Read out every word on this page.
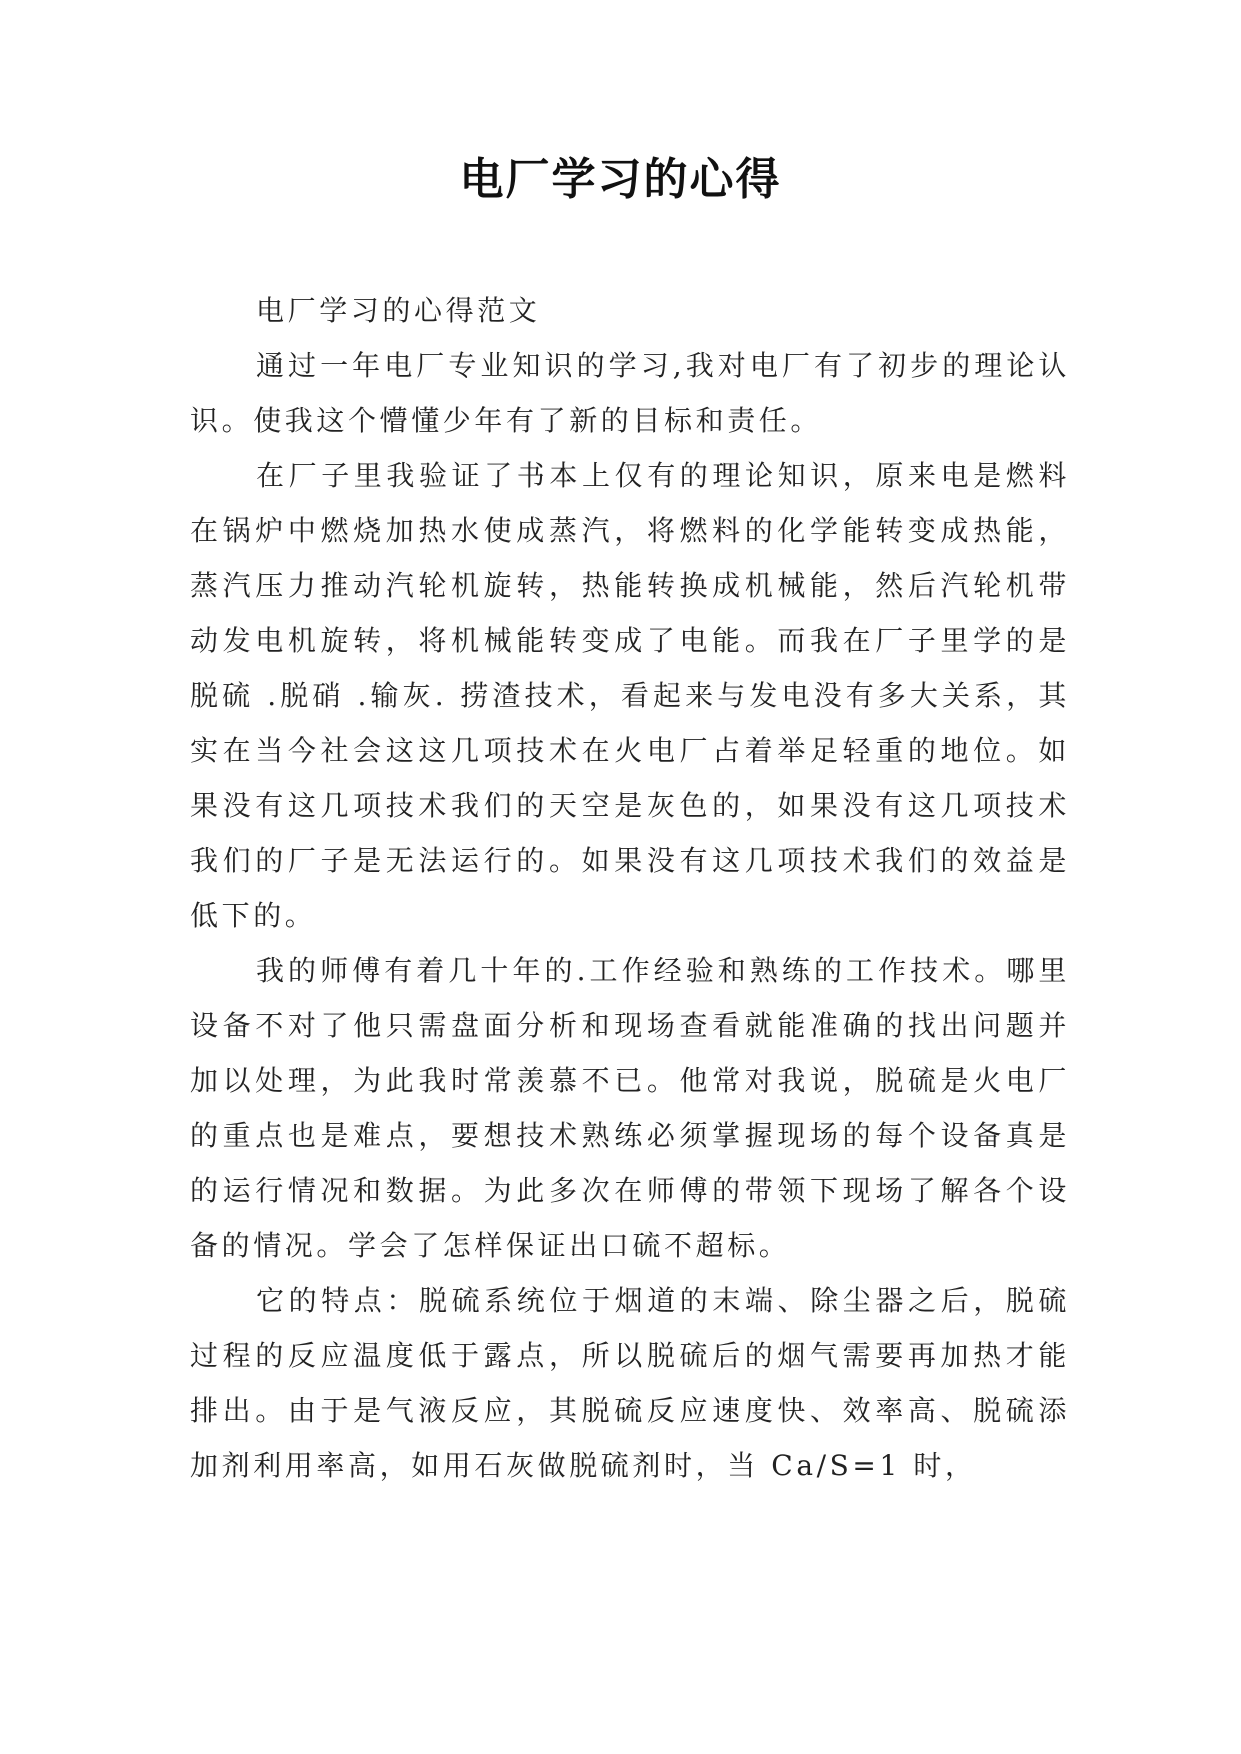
电厂学习的心得

电厂学习的心得范文

通过一年电厂专业知识的学习,我对电厂有了初步的理论认识。使我这个懵懂少年有了新的目标和责任。

在厂子里我验证了书本上仅有的理论知识，原来电是燃料在锅炉中燃烧加热水使成蒸汽，将燃料的化学能转变成热能，蒸汽压力推动汽轮机旋转，热能转换成机械能，然后汽轮机带动发电机旋转，将机械能转变成了电能。而我在厂子里学的是脱硫 .脱硝 .输灰. 捞渣技术，看起来与发电没有多大关系，其实在当今社会这这几项技术在火电厂占着举足轻重的地位。如果没有这几项技术我们的天空是灰色的，如果没有这几项技术我们的厂子是无法运行的。如果没有这几项技术我们的效益是低下的。

我的师傅有着几十年的.工作经验和熟练的工作技术。哪里设备不对了他只需盘面分析和现场查看就能准确的找出问题并加以处理，为此我时常羡慕不已。他常对我说，脱硫是火电厂的重点也是难点，要想技术熟练必须掌握现场的每个设备真是的运行情况和数据。为此多次在师傅的带领下现场了解各个设备的情况。学会了怎样保证出口硫不超标。

它的特点：脱硫系统位于烟道的末端、除尘器之后，脱硫过程的反应温度低于露点，所以脱硫后的烟气需要再加热才能排出。由于是气液反应，其脱硫反应速度快、效率高、脱硫添加剂利用率高，如用石灰做脱硫剂时，当 Ca/S=1 时，
